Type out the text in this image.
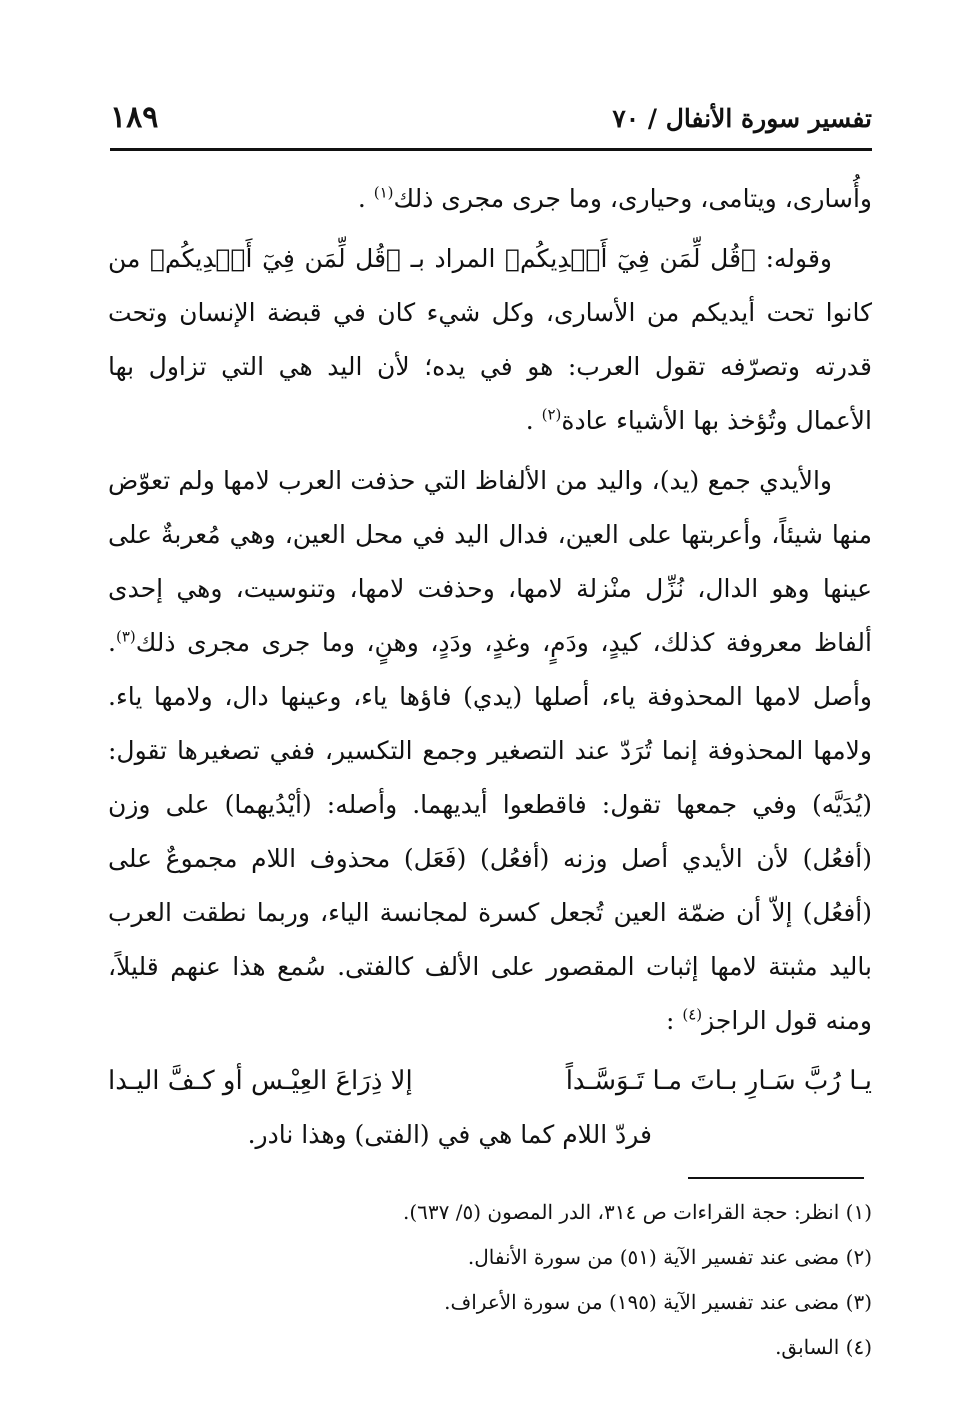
١٨٩	تفسير سورة الأنفال / ٧٠

وأُسارى، ويتامى، وحيارى، وما جرى مجرى ذلك$^{(١)}$ .

وقوله: ﴿قُل لِّمَن فِيٓ أَيۡدِيكُم﴾ المراد بـ ﴿قُل لِّمَن فِيٓ أَيۡدِيكُم﴾ من كانوا تحت أيديكم من الأسارى، وكل شيء كان في قبضة الإنسان وتحت قدرته وتصرّفه تقول العرب: هو في يده؛ لأن اليد هي التي تزاول بها الأعمال وتُؤخذ بها الأشياء عادة$^{(٢)}$ .

والأيدي جمع (يد)، واليد من الألفاظ التي حذفت العرب لامها ولم تعوّض منها شيئاً، وأعربتها على العين، فدال اليد في محل العين، وهي مُعربةٌ على عينها وهو الدال، نُزِّل منْزلة لامها، وحذفت لامها، وتنوسيت، وهي إحدى ألفاظ معروفة كذلك، كيدٍ، ودَمٍ، وغدٍ، ودَدٍ، وهنٍ، وما جرى مجرى ذلك$^{(٣)}$. وأصل لامها المحذوفة ياء، أصلها (يدي) فاؤها ياء، وعينها دال، ولامها ياء. ولامها المحذوفة إنما تُرَدّ عند التصغير وجمع التكسير، ففي تصغيرها تقول: (يُدَيَّه) وفي جمعها تقول: فاقطعوا أيديهما. وأصله: (أيْدُيهما) على وزن (أفعُل) لأن الأيدي أصل وزنه (أفعُل) (فَعَل) محذوف اللام مجموعٌ على (أفعُل) إلاّ أن ضمّة العين تُجعل كسرة لمجانسة الياء، وربما نطقت العرب باليد مثبتة لامها إثبات المقصور على الألف كالفتى. سُمع هذا عنهم قليلاً، ومنه قول الراجز$^{(٤)}$ :

يـا رُبَّ سَـارِ بـاتَ مـا تَـوَسَّـداً
إلا ذِرَاعَ العِيْـس أو كـفَّ اليـدا

فردّ اللام كما هي في (الفتى) وهذا نادر.

(١) انظر: حجة القراءات ص ٣١٤، الدر المصون (٥/ ٦٣٧).
(٢) مضى عند تفسير الآية (٥١) من سورة الأنفال.
(٣) مضى عند تفسير الآية (١٩٥) من سورة الأعراف.
(٤) السابق.
